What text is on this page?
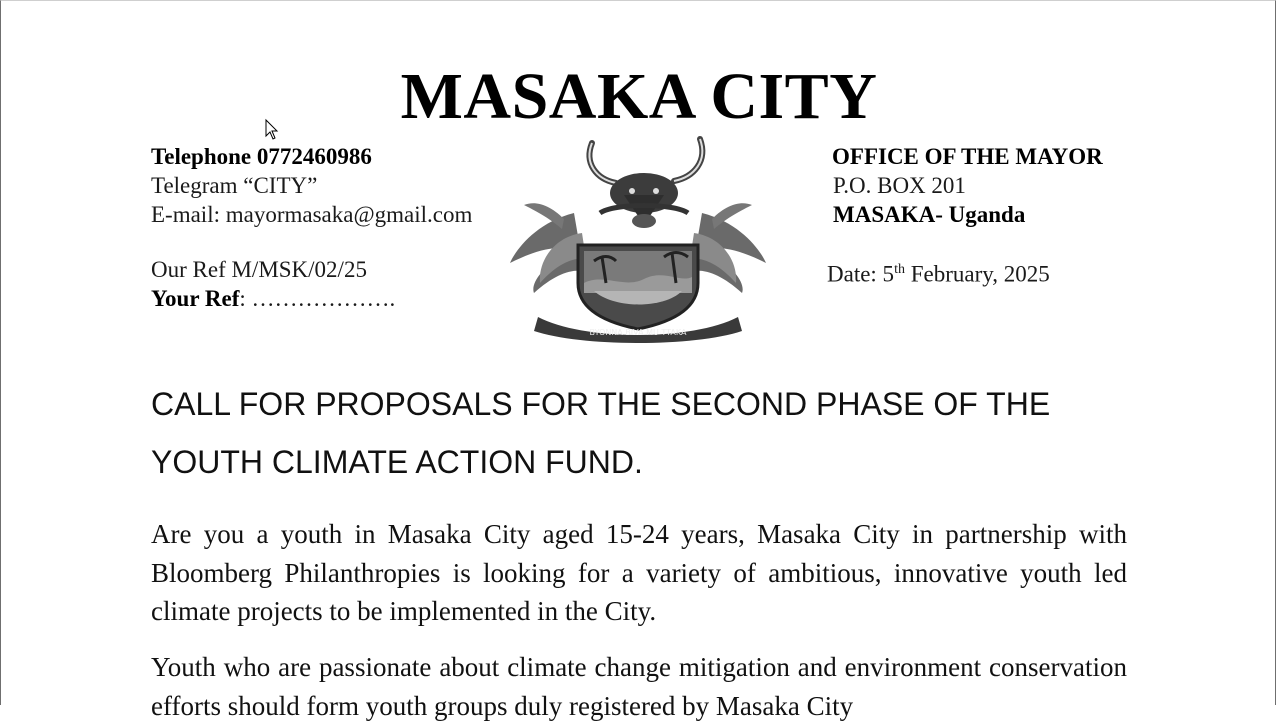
MASAKA CITY
Telephone 0772460986
Telegram “CITY”
E-mail: mayormasaka@gmail.com
Our Ref M/MSK/02/25
Your Ref: ……………….
OFFICE OF THE MAYOR
P.O. BOX 201
MASAKA- Uganda
Date: 5th February, 2025
BYONNA BIVA MU TTAKA
CALL FOR PROPOSALS FOR THE SECOND PHASE OF THE
YOUTH CLIMATE ACTION FUND.
Are you a youth in Masaka City aged 15-24 years, Masaka City in partnership with Bloomberg Philanthropies is looking for a variety of ambitious, innovative youth led climate projects to be implemented in the City.
Youth who are passionate about climate change mitigation and environment conservation efforts should form youth groups duly registered by Masaka City
